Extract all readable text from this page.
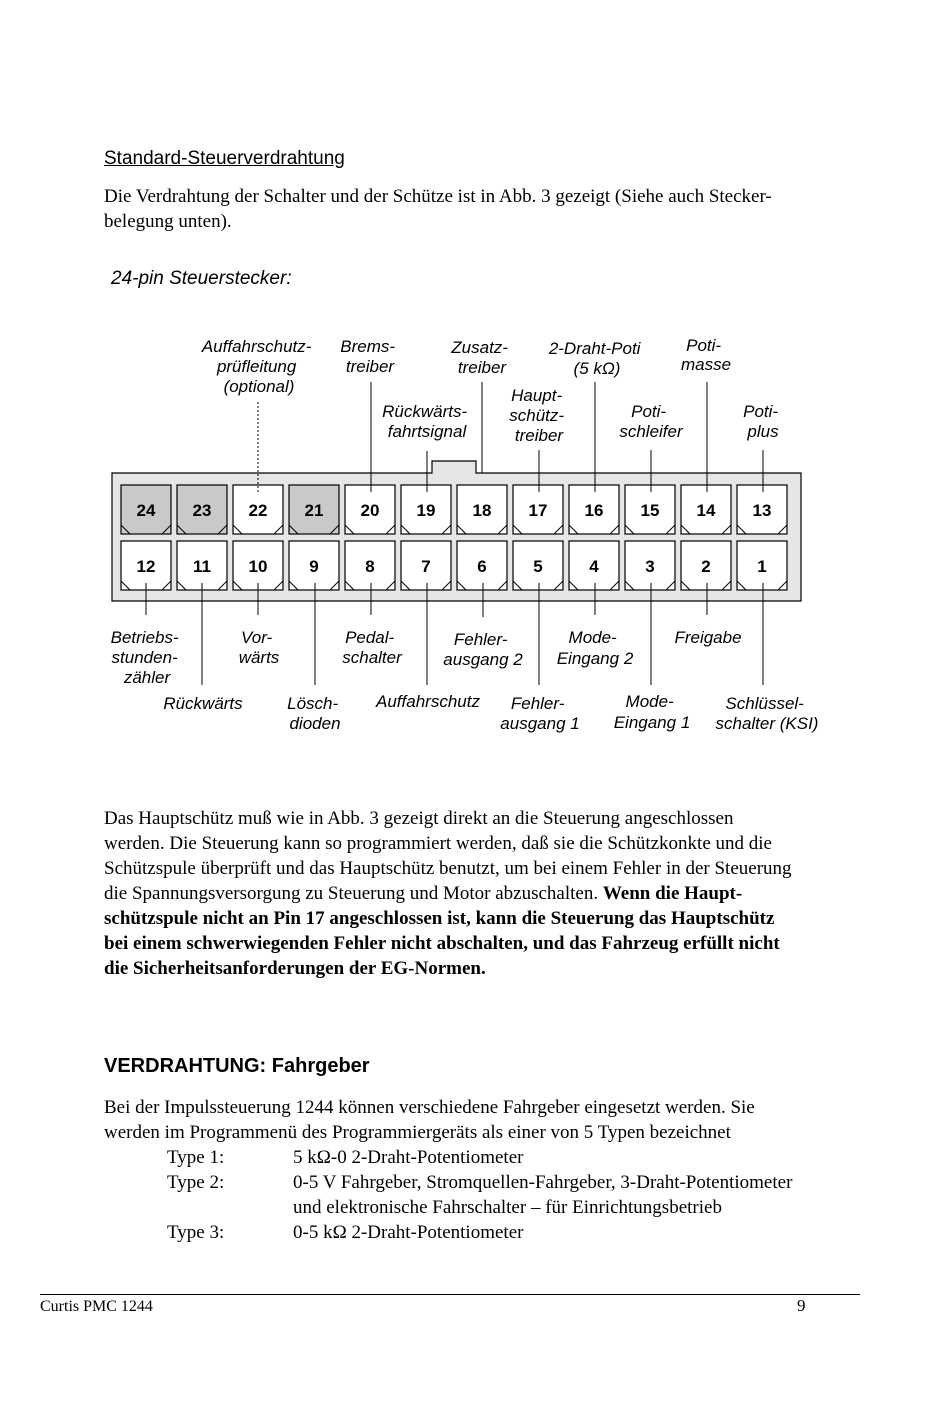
Standard-Steuerverdrahtung
Die Verdrahtung der Schalter und der Schütze ist in Abb. 3 gezeigt (Siehe auch Stecker-
belegung unten).
24-pin Steuerstecker:
24 23 22 21 20 19 18 17 16 15 14 13
12 11 10 9	8	7	6	5	4	3	2	1
Auffahrschutz- prüfleitung (optional)
Brems- treiber
Rückwärts- fahrtsignal
Zusatz- treiber
Haupt- schütz- treiber
2-Draht-Poti (5 kΩ)
Poti- schleifer
Poti- masse
Poti- plus
Betriebs- stunden- zähler
Rückwärts
Vor- wärts
Lösch- dioden
Pedal- schalter
Auffahrschutz
Fehler- ausgang 2
Fehler- ausgang 1
Mode- Eingang 2
Mode- Eingang 1
Freigabe
Schlüssel- schalter (KSI)
Das Hauptschütz muß wie in Abb. 3 gezeigt direkt an die Steuerung angeschlossen
werden. Die Steuerung kann so programmiert werden, daß sie die Schützkonkte und die
Schützspule überprüft und das Hauptschütz benutzt, um bei einem Fehler in der Steuerung
die Spannungsversorgung zu Steuerung und Motor abzuschalten. Wenn die Haupt-
schützspule nicht an Pin 17 angeschlossen ist, kann die Steuerung das Hauptschütz
bei einem schwerwiegenden Fehler nicht abschalten, und das Fahrzeug erfüllt nicht
die Sicherheitsanforderungen der EG-Normen.
VERDRAHTUNG: Fahrgeber
Bei der Impulssteuerung 1244 können verschiedene Fahrgeber eingesetzt werden. Sie
werden im Programmenü des Programmiergeräts als einer von 5 Typen bezeichnet
Type 1:	5 kΩ-0 2-Draht-Potentiometer
Type 2:	0-5 V Fahrgeber, Stromquellen-Fahrgeber, 3-Draht-Potentiometer
und elektronische Fahrschalter – für Einrichtungsbetrieb
Type 3:	0-5 kΩ 2-Draht-Potentiometer
Curtis PMC 1244	9
